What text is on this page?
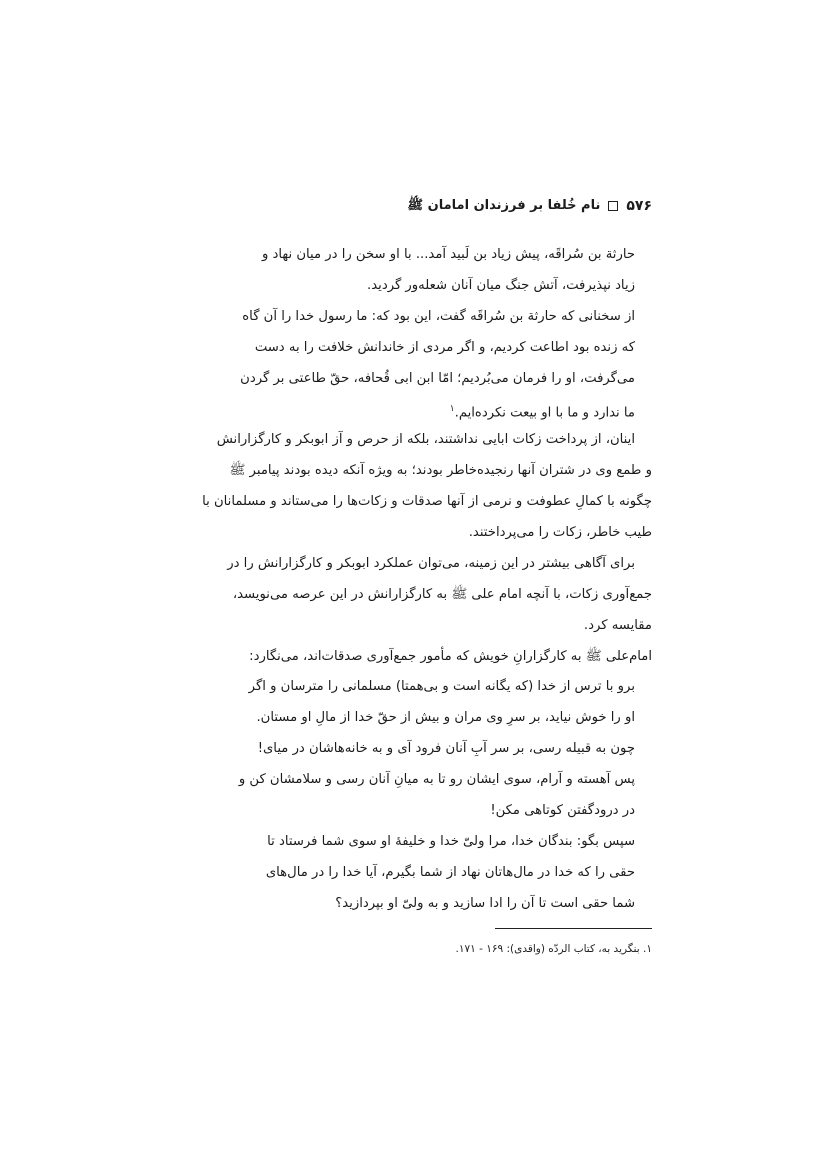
۵۷۶
نام خُلفا بر فرزندان امامان ﷺ
حارثة بن سُراقَه، پیش زیاد بن لَبید آمد... با او سخن را در میان نهاد و
زیاد نپذیرفت، آتش جنگ میان آنان شعله‌ور گردید.
از سخنانی که حارثة بن سُراقَه گفت، این بود که: ما رسول خدا را آن گاه
که زنده بود اطاعت کردیم، و اگر مردی از خاندانش خلافت را به دست
می‌گرفت، او را فرمان می‌بُردیم؛ امّا ابن ابی قُحافه، حقّ طاعتی بر گردن
ما ندارد و ما با او بیعت نکرده‌ایم.$^۱$
اینان، از پرداخت زکات ابایی نداشتند، بلکه از حرص و آز ابوبکر و کارگزارانش
و طمع وی در شتران آنها رنجیده‌خاطر بودند؛ به ویژه آنکه دیده بودند پیامبر ﷺ
چگونه با کمالِ عطوفت و نرمی از آنها صدقات و زکات‌ها را می‌ستاند و مسلمانان با
طیب خاطر، زکات را می‌پرداختند.
برای آگاهی بیشتر در این زمینه، می‌توان عملکرد ابوبکر و کارگزارانش را در
جمع‌آوری زکات، با آنچه امام علی ﷺ به کارگزارانش در این عرصه می‌نویسد،
مقایسه کرد.
امام‌علی ﷺ به کارگزارانِ خویش که مأمور جمع‌آوری صدقات‌اند، می‌نگارد:
برو با ترس از خدا (که یگانه است و بی‌همتا) مسلمانی را مترسان و اگر
او را خوش نیاید، بر سرِ وی مران و بیش از حقّ خدا از مالِ او مستان.
چون به قبیله رسی، بر سر آبِ آنان فرود آی و به خانه‌هاشان در میای!
پس آهسته و آرام، سوی ایشان رو تا به میانِ آنان رسی و سلامشان کن و
در درودگفتن کوتاهی مکن!
سپس بگو: بندگان خدا، مرا ولیّ خدا و خلیفهٔ او سوی شما فرستاد تا
حقی را که خدا در مال‌هاتان نهاد از شما بگیرم، آیا خدا را در مال‌های
شما حقی است تا آن را ادا سازید و به ولیّ او بپردازید؟
۱. بنگرید به، کتاب الردّه (واقدی): ۱۶۹ - ۱۷۱.
